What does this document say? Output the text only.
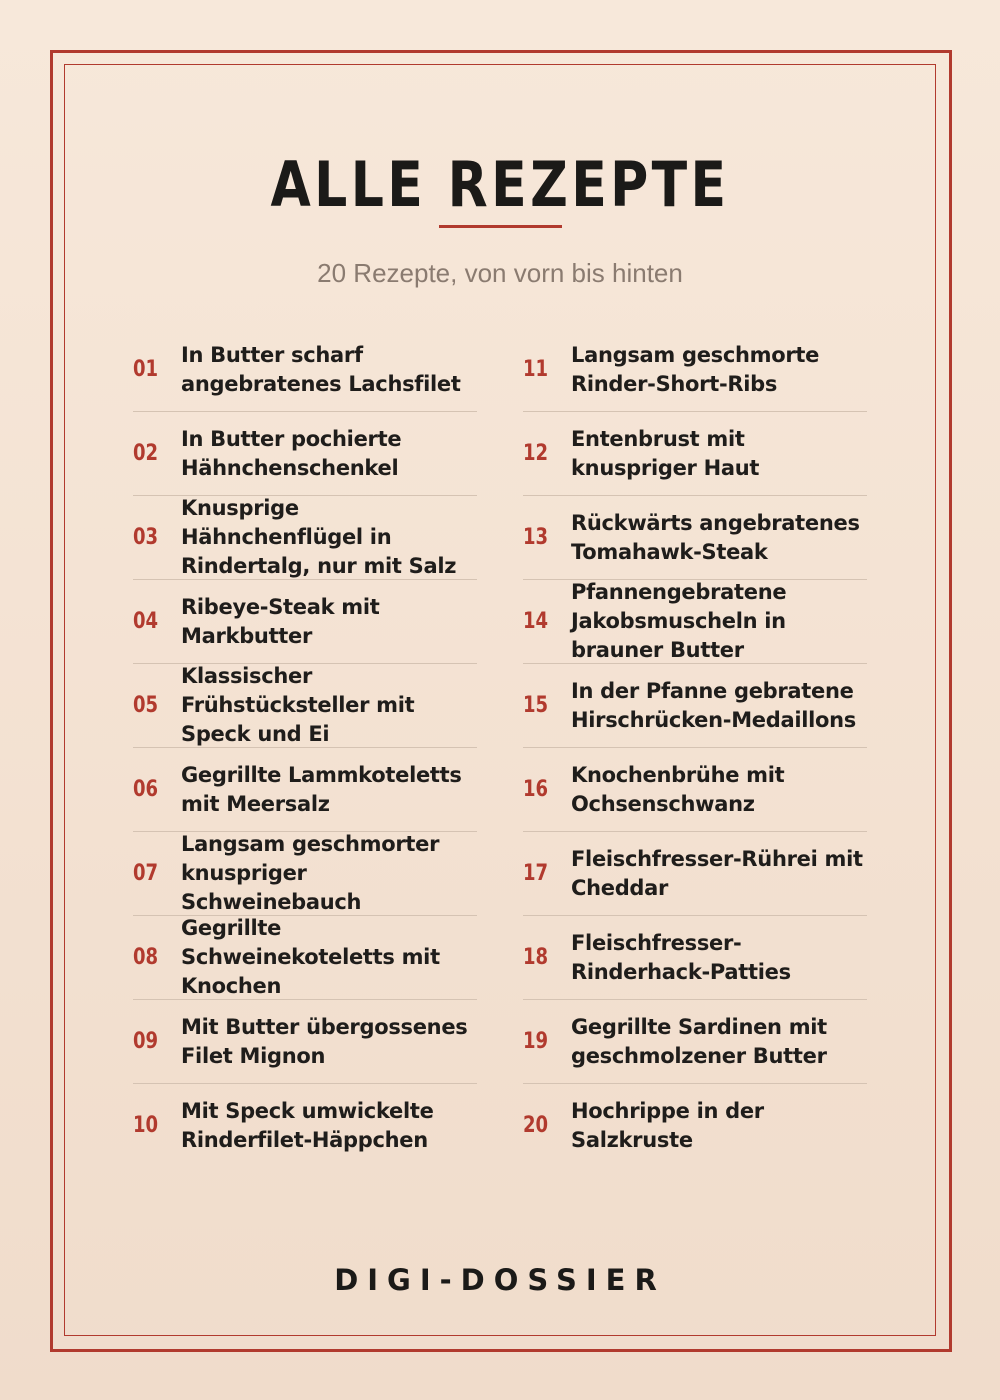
ALLE REZEPTE
20 Rezepte, von vorn bis hinten
01
In Butter scharf angebratenes Lachsfilet
02
In Butter pochierte Hähnchenschenkel
03
Knusprige Hähnchenflügel in Rindertalg, nur mit Salz
04
Ribeye-Steak mit Markbutter
05
Klassischer Frühstücksteller mit Speck und Ei
06
Gegrillte Lammkoteletts mit Meersalz
07
Langsam geschmorter knuspriger Schweinebauch
08
Gegrillte Schweinekoteletts mit Knochen
09
Mit Butter übergossenes Filet Mignon
10
Mit Speck umwickelte Rinderfilet-Häppchen
11
Langsam geschmorte Rinder-Short-Ribs
12
Entenbrust mit knuspriger Haut
13
Rückwärts angebratenes Tomahawk-Steak
14
Pfannengebratene Jakobsmuscheln in brauner Butter
15
In der Pfanne gebratene Hirschrücken-Medaillons
16
Knochenbrühe mit Ochsenschwanz
17
Fleischfresser-Rührei mit Cheddar
18
Fleischfresser-Rinderhack-Patties
19
Gegrillte Sardinen mit geschmolzener Butter
20
Hochrippe in der Salzkruste
DIGI-DOSSIER
